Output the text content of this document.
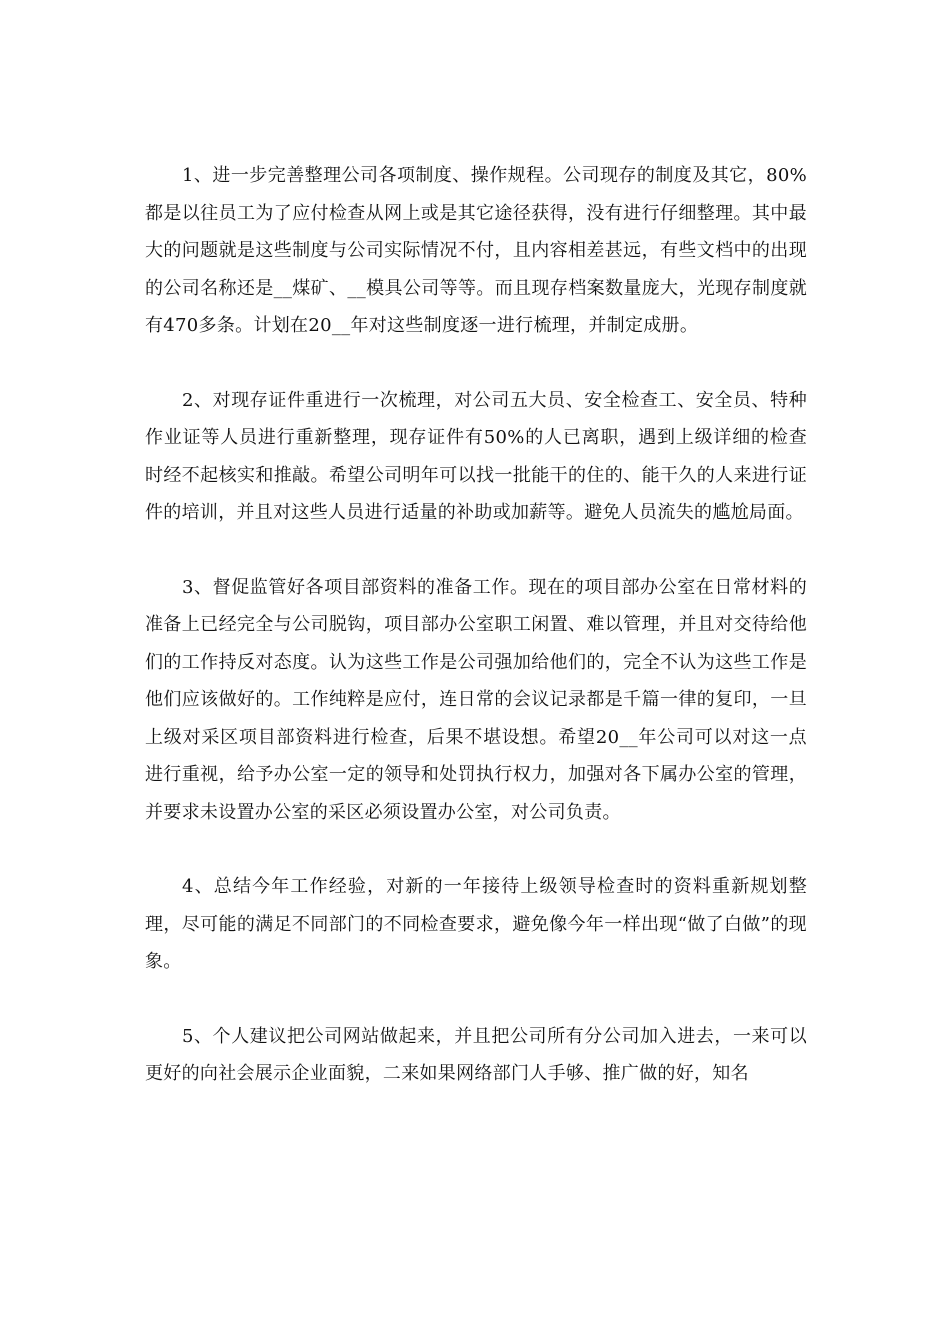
1、进一步完善整理公司各项制度、操作规程。公司现存的制度及其它，80%都是以往员工为了应付检查从网上或是其它途径获得，没有进行仔细整理。其中最大的问题就是这些制度与公司实际情况不付，且内容相差甚远，有些文档中的出现的公司名称还是__煤矿、__模具公司等等。而且现存档案数量庞大，光现存制度就有470多条。计划在20__年对这些制度逐一进行梳理，并制定成册。

2、对现存证件重进行一次梳理，对公司五大员、安全检查工、安全员、特种作业证等人员进行重新整理，现存证件有50%的人已离职，遇到上级详细的检查时经不起核实和推敲。希望公司明年可以找一批能干的住的、能干久的人来进行证件的培训，并且对这些人员进行适量的补助或加薪等。避免人员流失的尴尬局面。

3、督促监管好各项目部资料的准备工作。现在的项目部办公室在日常材料的准备上已经完全与公司脱钩，项目部办公室职工闲置、难以管理，并且对交待给他们的工作持反对态度。认为这些工作是公司强加给他们的，完全不认为这些工作是他们应该做好的。工作纯粹是应付，连日常的会议记录都是千篇一律的复印，一旦上级对采区项目部资料进行检查，后果不堪设想。希望20__年公司可以对这一点进行重视，给予办公室一定的领导和处罚执行权力，加强对各下属办公室的管理，并要求未设置办公室的采区必须设置办公室，对公司负责。

4、总结今年工作经验，对新的一年接待上级领导检查时的资料重新规划整理，尽可能的满足不同部门的不同检查要求，避免像今年一样出现“做了白做”的现象。

5、个人建议把公司网站做起来，并且把公司所有分公司加入进去，一来可以更好的向社会展示企业面貌，二来如果网络部门人手够、推广做的好，知名
